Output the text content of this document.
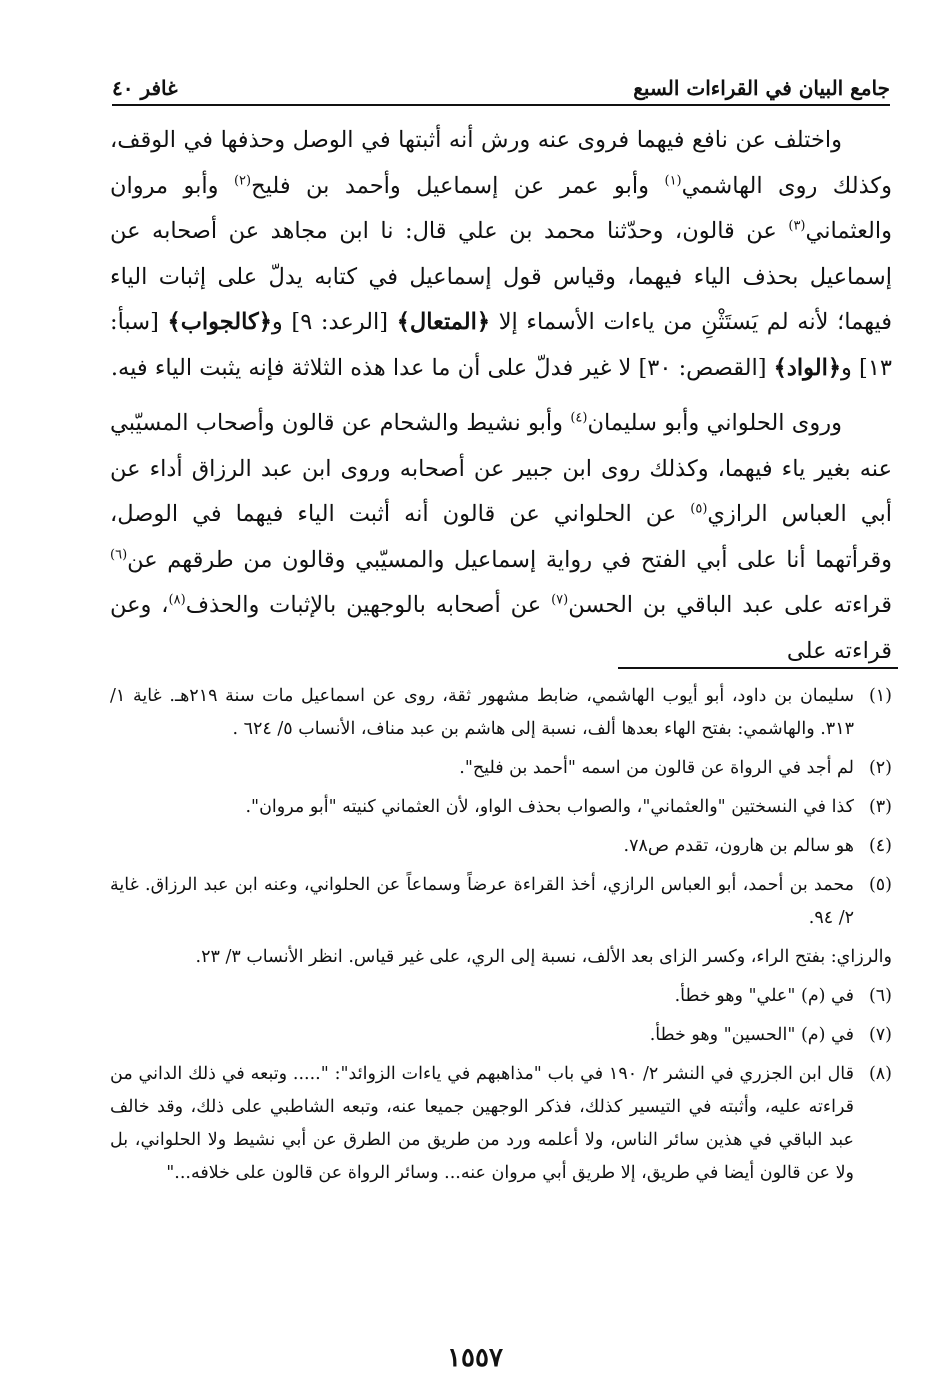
جامع البيان في القراءات السبع
غافر ٤٠

واختلف عن نافع فيهما فروى عنه ورش أنه أثبتها في الوصل وحذفها في الوقف، وكذلك روى الهاشمي$^{(١)}$ وأبو عمر عن إسماعيل وأحمد بن فليح$^{(٢)}$ وأبو مروان والعثماني$^{(٣)}$ عن قالون، وحدّثنا محمد بن علي قال: نا ابن مجاهد عن أصحابه عن إسماعيل بحذف الياء فيهما، وقياس قول إسماعيل في كتابه يدلّ على إثبات الياء فيهما؛ لأنه لم يَستَثْنِ من ياءات الأسماء إلا ﴿المتعال﴾ [الرعد: ٩] و﴿كالجواب﴾ [سبأ: ١٣] و﴿الواد﴾ [القصص: ٣٠] لا غير فدلّ على أن ما عدا هذه الثلاثة فإنه يثبت الياء فيه.

وروى الحلواني وأبو سليمان$^{(٤)}$ وأبو نشيط والشحام عن قالون وأصحاب المسيّبي عنه بغير ياء فيهما، وكذلك روى ابن جبير عن أصحابه وروى ابن عبد الرزاق أداء عن أبي العباس الرازي$^{(٥)}$ عن الحلواني عن قالون أنه أثبت الياء فيهما في الوصل، وقرأتهما أنا على أبي الفتح في رواية إسماعيل والمسيّبي وقالون من طرقهم عن$^{(٦)}$ قراءته على عبد الباقي بن الحسن$^{(٧)}$ عن أصحابه بالوجهين بالإثبات والحذف$^{(٨)}$، وعن قراءته على

(١)
سليمان بن داود، أبو أيوب الهاشمي، ضابط مشهور ثقة، روى عن اسماعيل مات سنة ٢١٩هـ. غاية ١/ ٣١٣. والهاشمي: بفتح الهاء بعدها ألف، نسبة إلى هاشم بن عبد مناف، الأنساب ٥/ ٦٢٤ .
(٢)
لم أجد في الرواة عن قالون من اسمه "أحمد بن فليح".
(٣)
كذا في النسختين "والعثماني"، والصواب بحذف الواو، لأن العثماني كنيته "أبو مروان".
(٤)
هو سالم بن هارون، تقدم ص٧٨.
(٥)
محمد بن أحمد، أبو العباس الرازي، أخذ القراءة عرضاً وسماعاً عن الحلواني، وعنه ابن عبد الرزاق. غاية ٢/ ٩٤.
والرزاي: بفتح الراء، وكسر الزاى بعد الألف، نسبة إلى الري، على غير قياس. انظر الأنساب ٣/ ٢٣.
(٦)
في (م) "علي" وهو خطأ.
(٧)
في (م) "الحسين" وهو خطأ.
(٨)
قال ابن الجزري في النشر ٢/ ١٩٠ في باب "مذاهبهم في ياءات الزوائد": "..... وتبعه في ذلك الداني من قراءته عليه، وأثبته في التيسير كذلك، فذكر الوجهين جميعا عنه، وتبعه الشاطبي على ذلك، وقد خالف عبد الباقي في هذين سائر الناس، ولا أعلمه ورد من طريق من الطرق عن أبي نشيط ولا الحلواني، بل ولا عن قالون أيضا في طريق، إلا طريق أبي مروان عنه... وسائر الرواة عن قالون على خلافه..."
١٥٥٧
